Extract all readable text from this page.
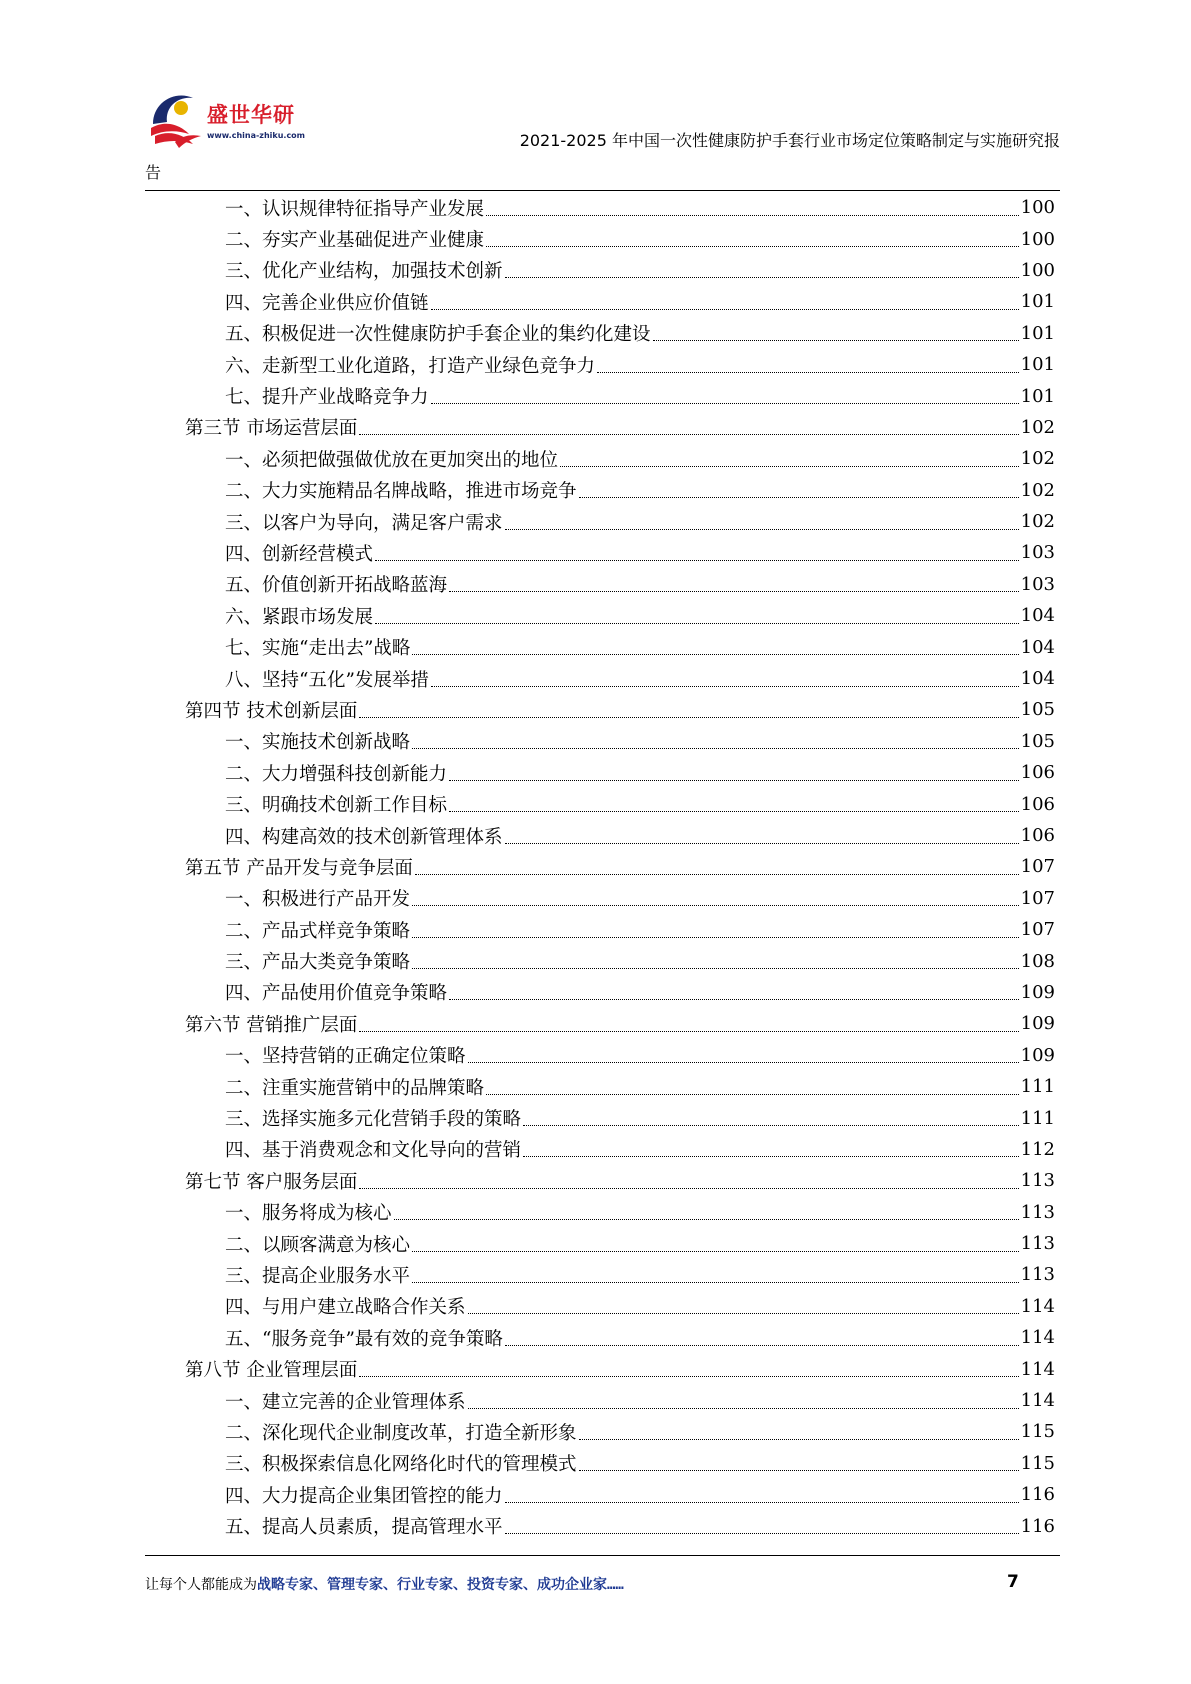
盛世华研
www.china-zhiku.com	2021-2025 年中国一次性健康防护手套行业市场定位策略制定与实施研究报
告
一、认识规律特征指导产业发展	100
二、夯实产业基础促进产业健康	100
三、优化产业结构，加强技术创新	100
四、完善企业供应价值链	101
五、积极促进一次性健康防护手套企业的集约化建设	101
六、走新型工业化道路，打造产业绿色竞争力	101
七、提升产业战略竞争力	101
第三节 市场运营层面	102
一、必须把做强做优放在更加突出的地位	102
二、大力实施精品名牌战略，推进市场竞争	102
三、以客户为导向，满足客户需求	102
四、创新经营模式	103
五、价值创新开拓战略蓝海	103
六、紧跟市场发展	104
七、实施“走出去”战略	104
八、坚持“五化”发展举措	104
第四节 技术创新层面	105
一、实施技术创新战略	105
二、大力增强科技创新能力	106
三、明确技术创新工作目标	106
四、构建高效的技术创新管理体系	106
第五节 产品开发与竞争层面	107
一、积极进行产品开发	107
二、产品式样竞争策略	107
三、产品大类竞争策略	108
四、产品使用价值竞争策略	109
第六节 营销推广层面	109
一、坚持营销的正确定位策略	109
二、注重实施营销中的品牌策略	111
三、选择实施多元化营销手段的策略	111
四、基于消费观念和文化导向的营销	112
第七节 客户服务层面	113
一、服务将成为核心	113
二、以顾客满意为核心	113
三、提高企业服务水平	113
四、与用户建立战略合作关系	114
五、“服务竞争”最有效的竞争策略	114
第八节 企业管理层面	114
一、建立完善的企业管理体系	114
二、深化现代企业制度改革，打造全新形象	115
三、积极探索信息化网络化时代的管理模式	115
四、大力提高企业集团管控的能力	116
五、提高人员素质，提高管理水平	116
让每个人都能成为战略专家、管理专家、行业专家、投资专家、成功企业家……	7
